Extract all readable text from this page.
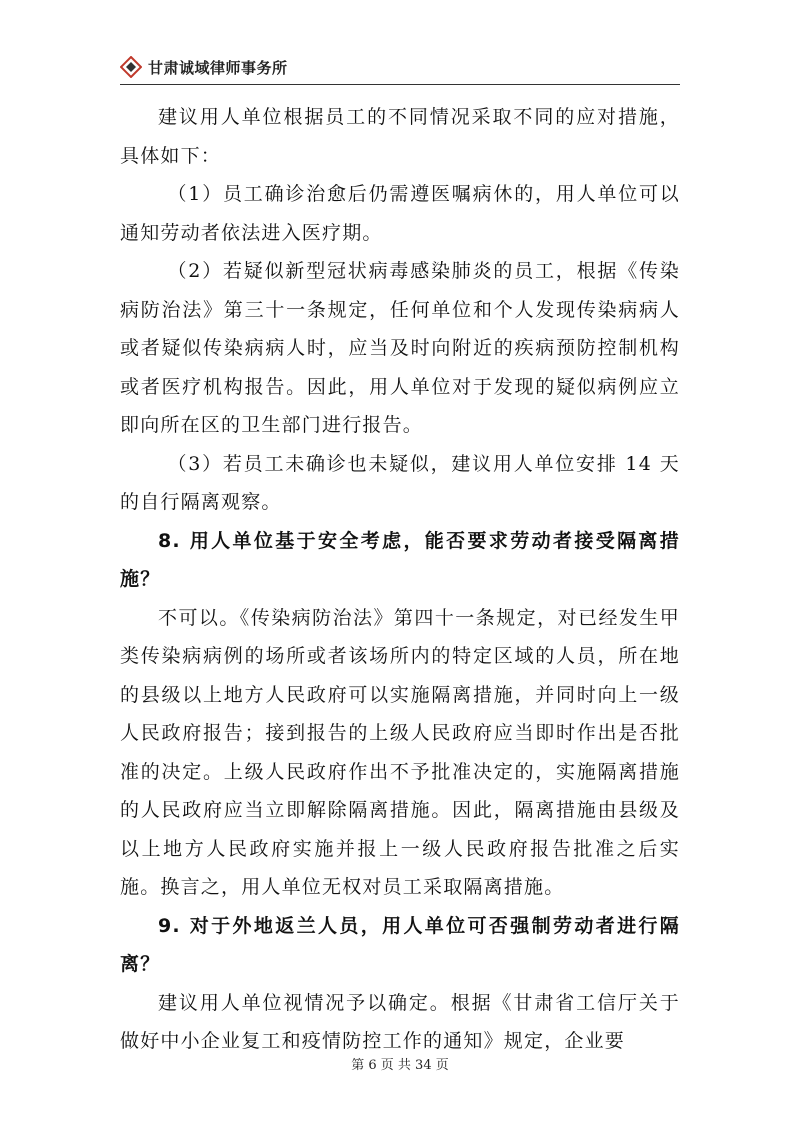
甘肃诚域律师事务所

建议用人单位根据员工的不同情况采取不同的应对措施，具体如下：

（1）员工确诊治愈后仍需遵医嘱病休的，用人单位可以通知劳动者依法进入医疗期。

（2）若疑似新型冠状病毒感染肺炎的员工，根据《传染病防治法》第三十一条规定，任何单位和个人发现传染病病人或者疑似传染病病人时，应当及时向附近的疾病预防控制机构或者医疗机构报告。因此，用人单位对于发现的疑似病例应立即向所在区的卫生部门进行报告。

（3）若员工未确诊也未疑似，建议用人单位安排 14 天的自行隔离观察。

8. 用人单位基于安全考虑，能否要求劳动者接受隔离措施？

不可以。《传染病防治法》第四十一条规定，对已经发生甲类传染病病例的场所或者该场所内的特定区域的人员，所在地的县级以上地方人民政府可以实施隔离措施，并同时向上一级人民政府报告；接到报告的上级人民政府应当即时作出是否批准的决定。上级人民政府作出不予批准决定的，实施隔离措施的人民政府应当立即解除隔离措施。因此，隔离措施由县级及以上地方人民政府实施并报上一级人民政府报告批准之后实施。换言之，用人单位无权对员工采取隔离措施。

9. 对于外地返兰人员，用人单位可否强制劳动者进行隔离？

建议用人单位视情况予以确定。根据《甘肃省工信厅关于做好中小企业复工和疫情防控工作的通知》规定，企业要

第 6 页 共 34 页
